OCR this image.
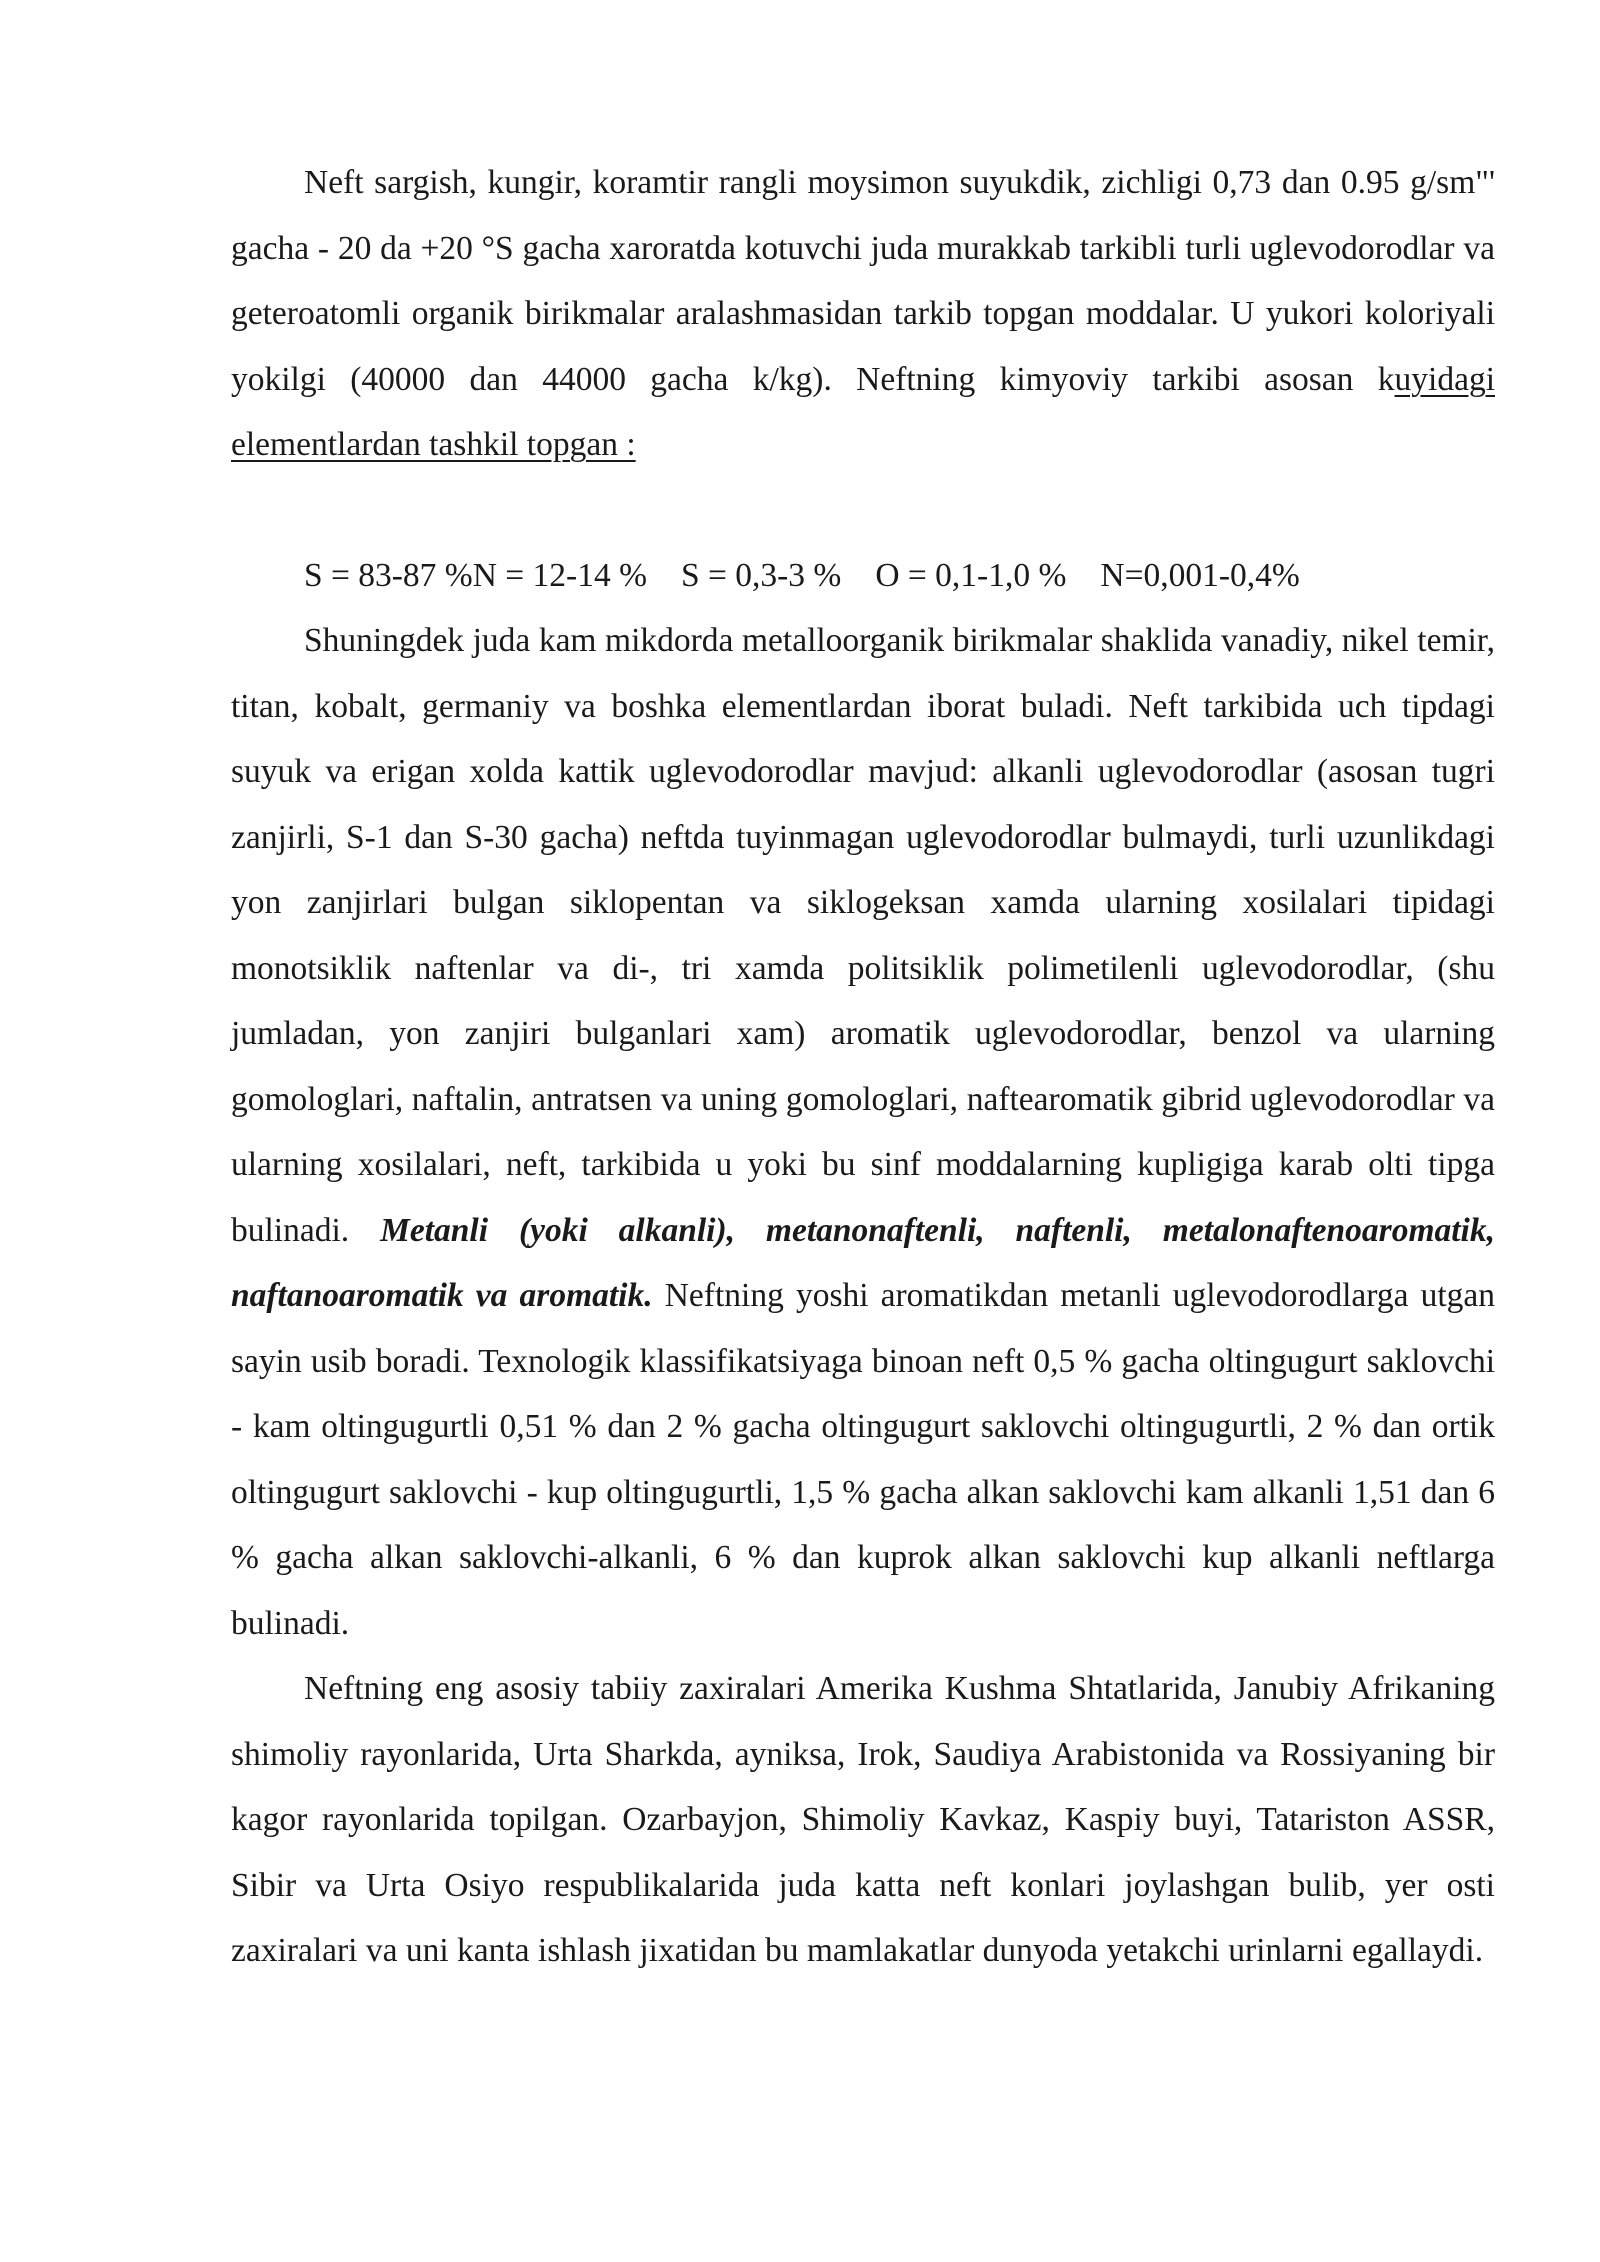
Neft sargish, kungir, koramtir rangli moysimon suyukdik, zichligi 0,73 dan 0.95 g/sm"' gacha - 20 da +20 °S gacha xaroratda kotuvchi juda murakkab tarkibli turli uglevodorodlar va geteroatomli organik birikmalar aralashmasidan tarkib topgan moddalar. U yukori koloriyali yokilgi (40000 dan 44000 gacha k/kg). Neftning kimyoviy tarkibi asosan kuyidagi elementlardan tashkil topgan :

S = 83-87 %N = 12-14 % S = 0,3-3 % O = 0,1-1,0 % N=0,001-0,4%

Shuningdek juda kam mikdorda metalloorganik birikmalar shaklida vanadiy, nikel temir, titan, kobalt, germaniy va boshka elementlardan iborat buladi. Neft tarkibida uch tipdagi suyuk va erigan xolda kattik uglevodorodlar mavjud: alkanli uglevodorodlar (asosan tugri zanjirli, S-1 dan S-30 gacha) neftda tuyinmagan uglevodorodlar bulmaydi, turli uzunlikdagi yon zanjirlari bulgan siklopentan va siklogeksan xamda ularning xosilalari tipidagi monotsiklik naftenlar va di-, tri xamda politsiklik polimetilenli uglevodorodlar, (shu jumladan, yon zanjiri bulganlari xam) aromatik uglevodorodlar, benzol va ularning gomologlari, naftalin, antratsen va uning gomologlari, naftearomatik gibrid uglevodorodlar va ularning xosilalari, neft, tarkibida u yoki bu sinf moddalarning kupligiga karab olti tipga bulinadi. Metanli (yoki alkanli), metanonaftenli, naftenli, metalonaftenoaromatik, naftanoaromatik va aromatik. Neftning yoshi aromatikdan metanli uglevodorodlarga utgan sayin usib boradi. Texnologik klassifikatsiyaga binoan neft 0,5 % gacha oltingugurt saklovchi - kam oltingugurtli 0,51 % dan 2 % gacha oltingugurt saklovchi oltingugurtli, 2 % dan ortik oltingugurt saklovchi - kup oltingugurtli, 1,5 % gacha alkan saklovchi kam alkanli 1,51 dan 6 % gacha alkan saklovchi-alkanli, 6 % dan kuprok alkan saklovchi kup alkanli neftlarga bulinadi.

Neftning eng asosiy tabiiy zaxiralari Amerika Kushma Shtatlarida, Janubiy Afrikaning shimoliy rayonlarida, Urta Sharkda, ayniksa, Irok, Saudiya Arabistonida va Rossiyaning bir kagor rayonlarida topilgan. Ozarbayjon, Shimoliy Kavkaz, Kaspiy buyi, Tatariston ASSR, Sibir va Urta Osiyo respublikalarida juda katta neft konlari joylashgan bulib, yer osti zaxiralari va uni kanta ishlash jixatidan bu mamlakatlar dunyoda yetakchi urinlarni egallaydi.
